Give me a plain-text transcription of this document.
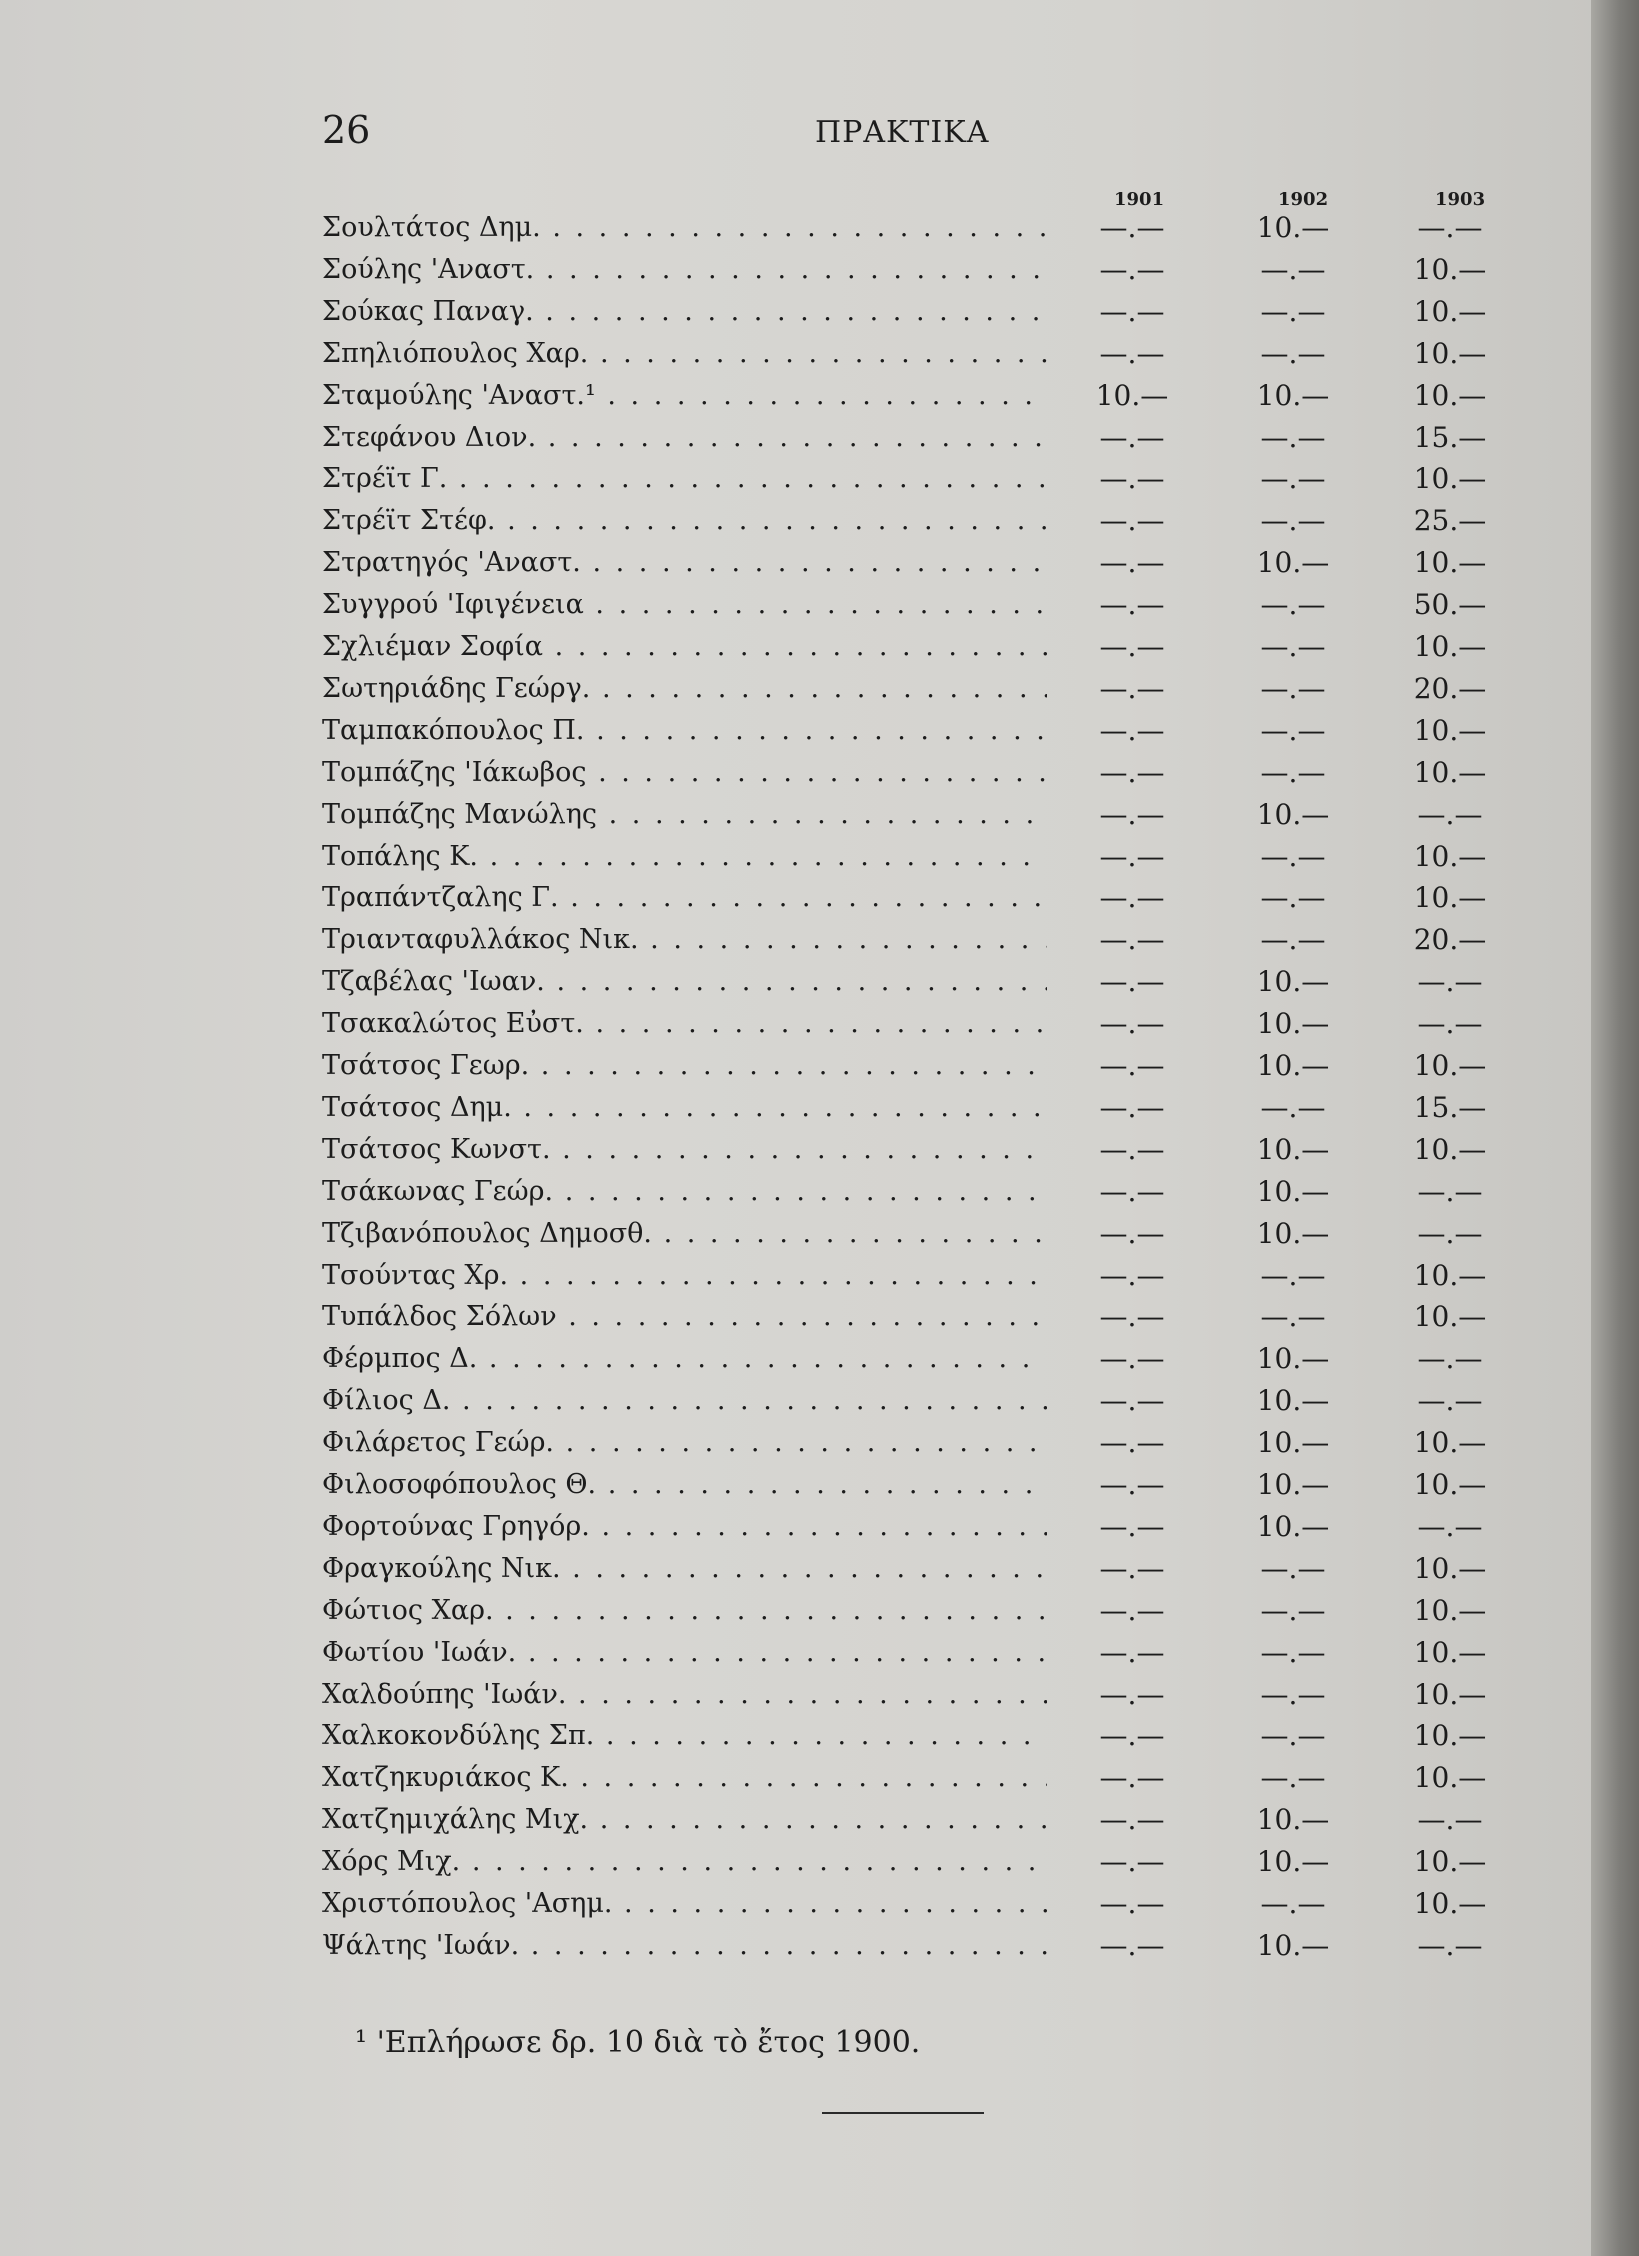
26	ΠΡΑΚΤΙΚΑ
1901	1902	1903
Σουλτάτος Δημ. . . .	—.—	10.—	—.—
Σούλης 'Αναστ. . . .	—.—	—.—	10.—
Σούκας Παναγ. . . .	—.—	—.—	10.—
Σπηλιόπουλος Χαρ. . . .	—.—	—.—	10.—
Σταμούλης 'Αναστ.¹ . . .	10.—	10.—	10.—
Στεφάνου Διον. . . .	—.—	—.—	15.—
Στρέϊτ Γ. . . .	—.—	—.—	10.—
Στρέϊτ Στέφ. . . .	—.—	—.—	25.—
Στρατηγός 'Αναστ. . . .	—.—	10.—	10.—
Συγγρού 'Ιφιγένεια . . .	—.—	—.—	50.—
Σχλιέμαν Σοφία . . .	—.—	—.—	10.—
Σωτηριάδης Γεώργ. . . .	—.—	—.—	20.—
Ταμπακόπουλος Π. . . .	—.—	—.—	10.—
Τομπάζης 'Ιάκωβος . . .	—.—	—.—	10.—
Τομπάζης Μανώλης . . .	—.—	10.—	—.—
Τοπάλης Κ. . . .	—.—	—.—	10.—
Τραπάντζαλης Γ. . . .	—.—	—.—	10.—
Τριανταφυλλάκος Νικ. . . .	—.—	—.—	20.—
Τζαβέλας 'Ιωαν. . . .	—.—	10.—	—.—
Τσακαλώτος Εὐστ. . . .	—.—	10.—	—.—
Τσάτσος Γεωρ. . . .	—.—	10.—	10.—
Τσάτσος Δημ. . . .	—.—	—.—	15.—
Τσάτσος Κωνστ. . . .	—.—	10.—	10.—
Τσάκωνας Γεώρ. . . .	—.—	10.—	—.—
Τζιβανόπουλος Δημοσθ. . . .	—.—	10.—	—.—
Τσούντας Χρ. . . .	—.—	—.—	10.—
Τυπάλδος Σόλων . . .	—.—	—.—	10.—
Φέρμπος Δ. . . .	—.—	10.—	—.—
Φίλιος Δ. . . .	—.—	10.—	—.—
Φιλάρετος Γεώρ. . . .	—.—	10.—	10.—
Φιλοσοφόπουλος Θ. . . .	—.—	10.—	10.—
Φορτούνας Γρηγόρ. . . .	—.—	10.—	—.—
Φραγκούλης Νικ. . . .	—.—	—.—	10.—
Φώτιος Χαρ. . . .	—.—	—.—	10.—
Φωτίου 'Ιωάν. . . .	—.—	—.—	10.—
Χαλδούπης 'Ιωάν. . . .	—.—	—.—	10.—
Χαλκοκονδύλης Σπ. . . .	—.—	—.—	10.—
Χατζηκυριάκος Κ. . . .	—.—	—.—	10.—
Χατζημιχάλης Μιχ. . . .	—.—	10.—	—.—
Χόρς Μιχ. . . .	—.—	10.—	10.—
Χριστόπουλος 'Ασημ. . . .	—.—	—.—	10.—
Ψάλτης 'Ιωάν. . . .	—.—	10.—	—.—
¹ 'Επλήρωσε δρ. 10 διὰ τὸ ἔτος 1900.
